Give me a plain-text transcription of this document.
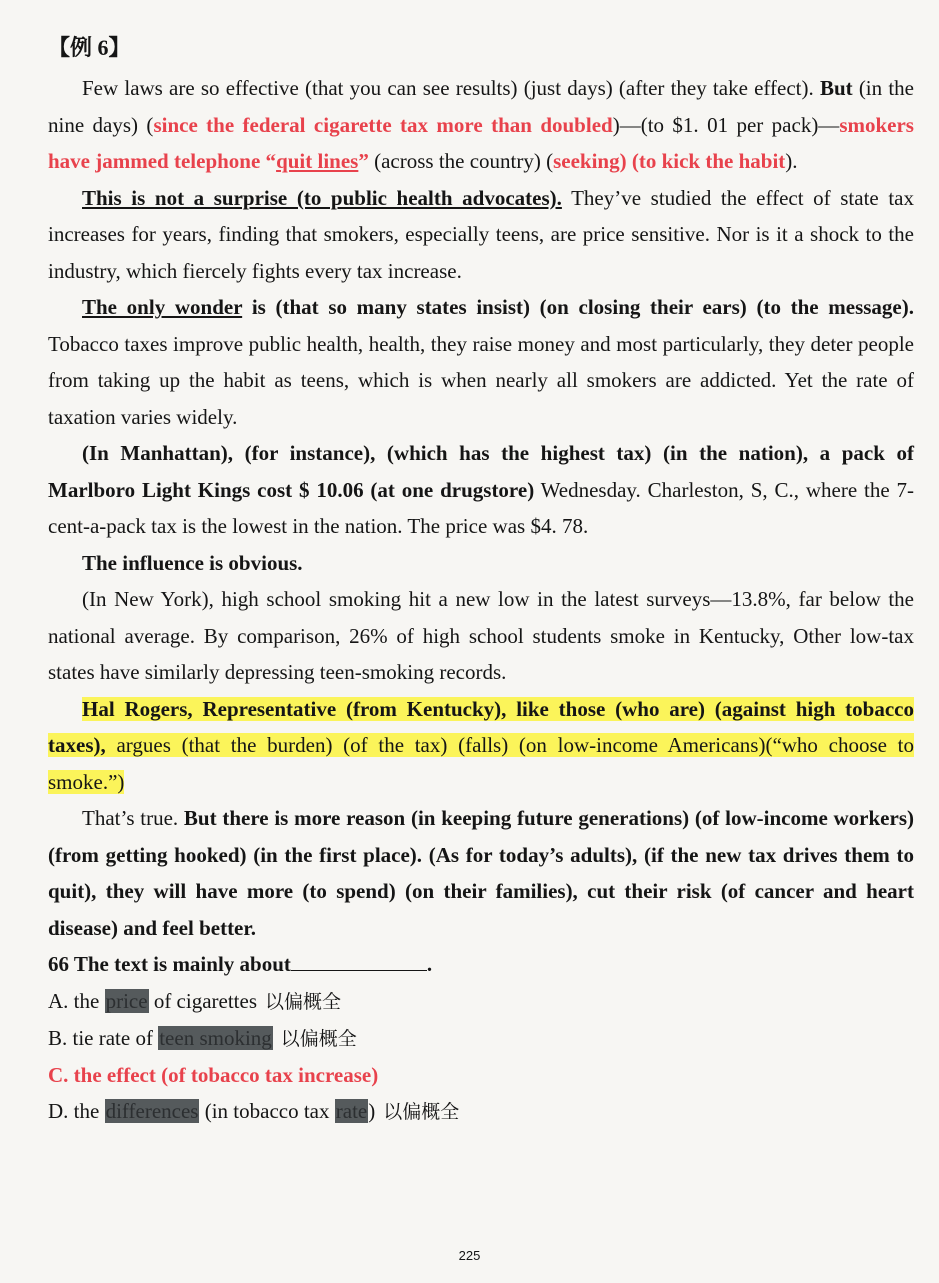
【例 6】

Few laws are so effective (that you can see results) (just days) (after they take effect). But (in the nine days) (since the federal cigarette tax more than doubled)—(to $1. 01 per pack)—smokers have jammed telephone “quit lines” (across the country) (seeking) (to kick the habit).

This is not a surprise (to public health advocates). They’ve studied the effect of state tax increases for years, finding that smokers, especially teens, are price sensitive. Nor is it a shock to the industry, which fiercely fights every tax increase.

The only wonder is (that so many states insist) (on closing their ears) (to the message). Tobacco taxes improve public health, health, they raise money and most particularly, they deter people from taking up the habit as teens, which is when nearly all smokers are addicted. Yet the rate of taxation varies widely.

(In Manhattan), (for instance), (which has the highest tax) (in the nation), a pack of Marlboro Light Kings cost $ 10.06 (at one drugstore) Wednesday. Charleston, S, C., where the 7-cent-a-pack tax is the lowest in the nation. The price was $4. 78.

The influence is obvious.

(In New York), high school smoking hit a new low in the latest surveys—13.8%, far below the national average. By comparison, 26% of high school students smoke in Kentucky, Other low-tax states have similarly depressing teen-smoking records.

Hal Rogers, Representative (from Kentucky), like those (who are) (against high tobacco taxes), argues (that the burden) (of the tax) (falls) (on low-income Americans)(“who choose to smoke.”)

That’s true. But there is more reason (in keeping future generations) (of low-income workers) (from getting hooked) (in the first place). (As for today’s adults), (if the new tax drives them to quit), they will have more (to spend) (on their families), cut their risk (of cancer and heart disease) and feel better.

66 The text is mainly about	.

A. the price of cigarettes 以偏概全

B. tie rate of teen smoking 以偏概全

C. the effect (of tobacco tax increase)

D. the differences (in tobacco tax rate) 以偏概全

225
